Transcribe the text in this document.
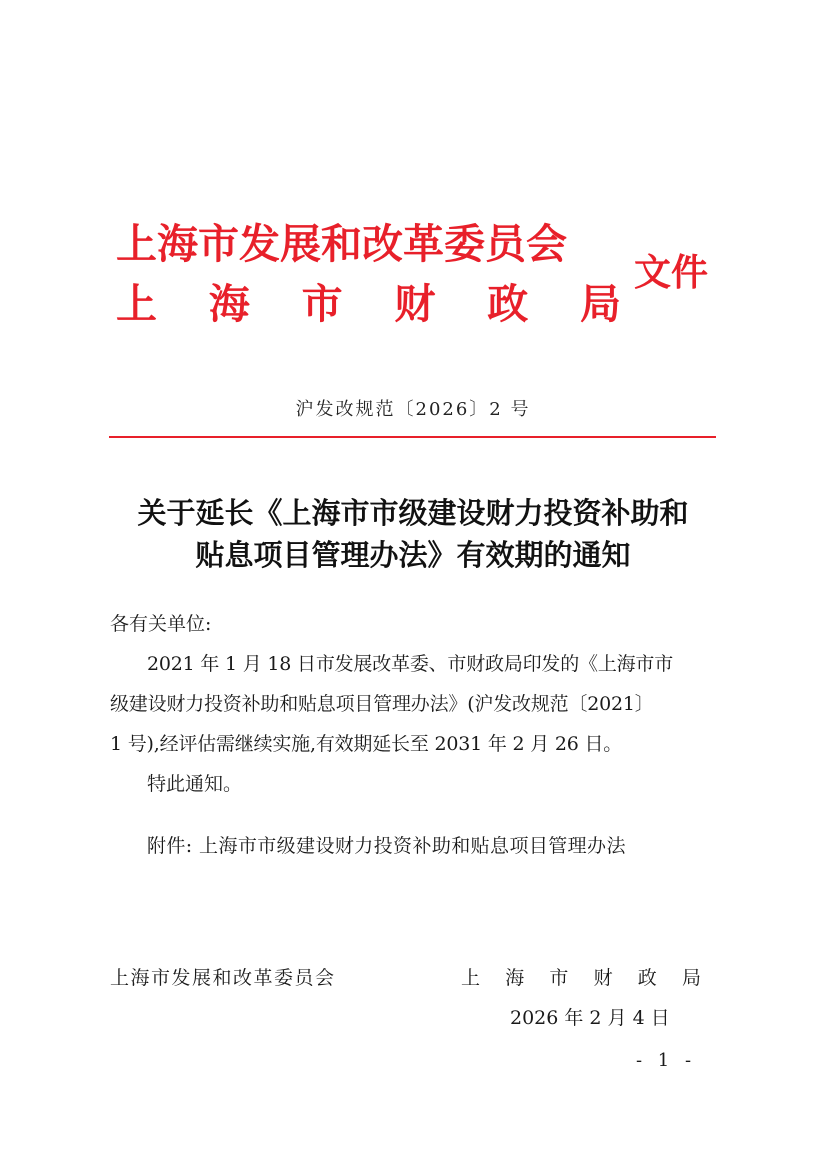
上海市发展和改革委员会
上 海 市 财 政 局
文件
沪发改规范〔2026〕2 号
关于延长《上海市市级建设财力投资补助和
贴息项目管理办法》有效期的通知
各有关单位:
2021 年 1 月 18 日市发展改革委、市财政局印发的《上海市市
级建设财力投资补助和贴息项目管理办法》(沪发改规范〔2021〕
1 号),经评估需继续实施,有效期延长至 2031 年 2 月 26 日。
特此通知。
附件: 上海市市级建设财力投资补助和贴息项目管理办法
上海市发展和改革委员会	上 海 市 财 政 局
2026 年 2 月 4 日
- 1 -
